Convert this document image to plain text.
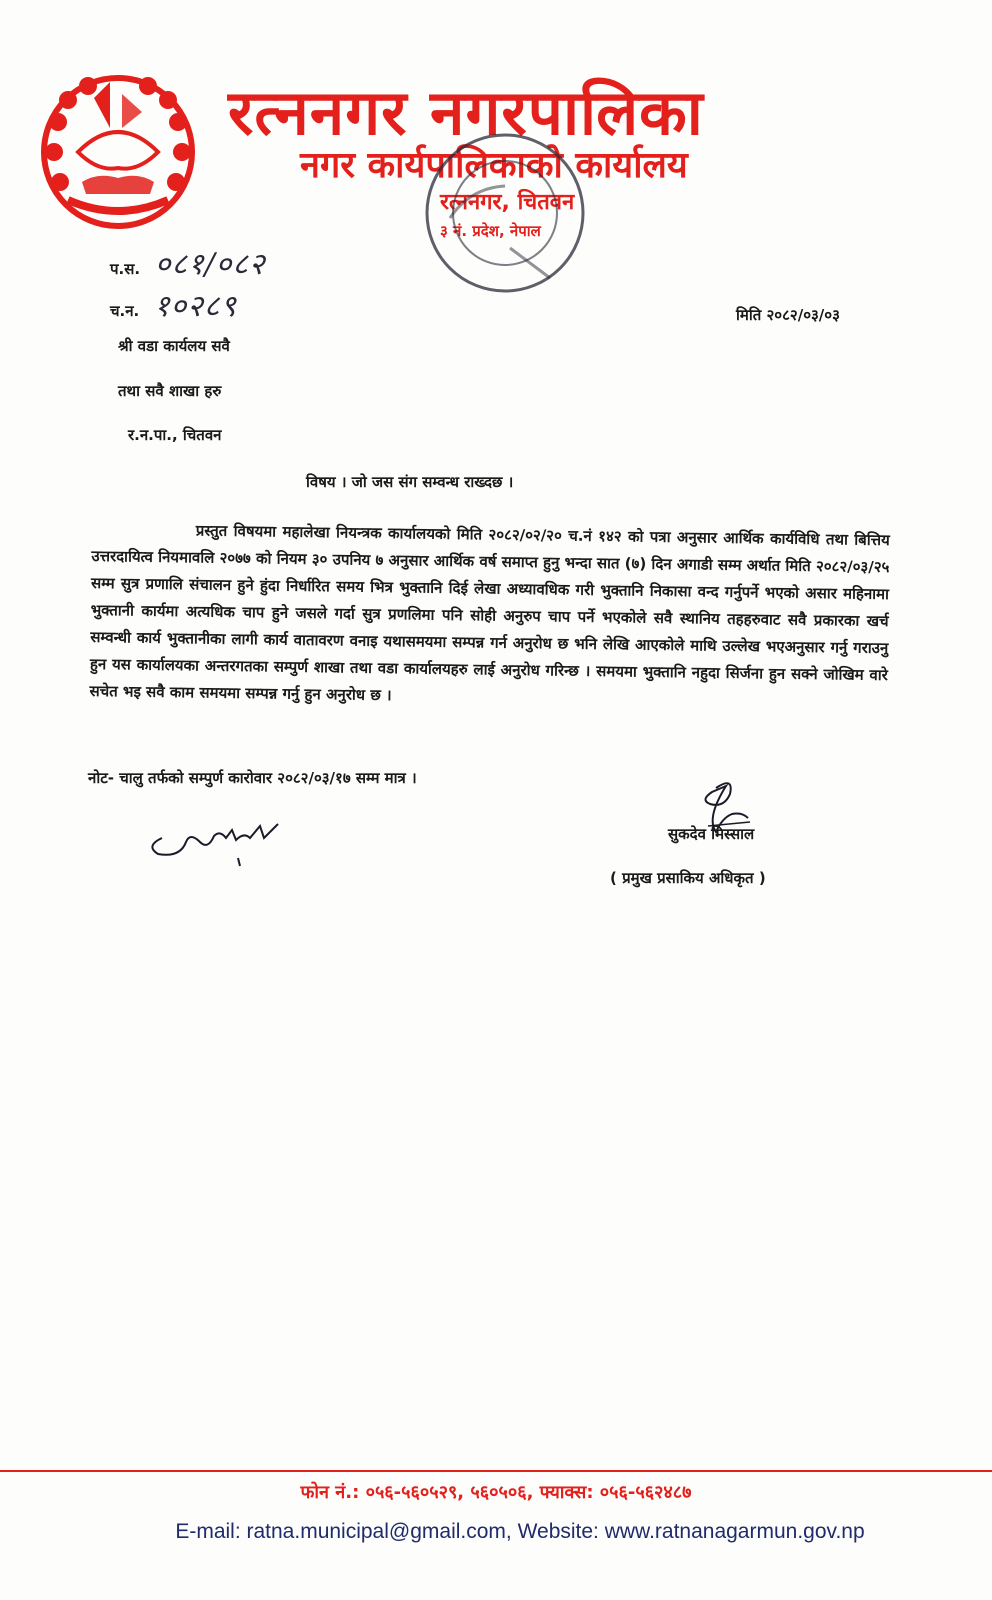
रत्ननगर नगरपालिका
नगर कार्यपालिकाको कार्यालय
रत्ननगर, चितवन
३ नं. प्रदेश, नेपाल
प.स. ०८१/०८२
च.न. १०२८९	मिति २०८२/०३/०३
श्री वडा कार्यलय सवै
तथा सवै शाखा हरु
र.न.पा., चितवन
विषय । जो जस संग सम्वन्ध राख्दछ ।
प्रस्तुत विषयमा महालेखा नियन्त्रक कार्यालयको मिति २०८२/०२/२० च.नं १४२ को पत्रा अनुसार आर्थिक कार्यविधि तथा बित्तिय उत्तरदायित्व नियमावलि २०७७ को नियम ३० उपनिय ७ अनुसार आर्थिक वर्ष समाप्त हुनु भन्दा सात (७) दिन अगाडी सम्म अर्थात मिति २०८२/०३/२५ सम्म सुत्र प्रणालि संचालन हुने हुंदा निर्धारित समय भित्र भुक्तानि दिई लेखा अध्यावधिक गरी भुक्तानि निकासा वन्द गर्नुपर्ने भएको असार महिनामा भुक्तानी कार्यमा अत्यधिक चाप हुने जसले गर्दा सुत्र प्रणलिमा पनि सोही अनुरुप चाप पर्ने भएकोले सवै स्थानिय तहहरुवाट सवै प्रकारका खर्च सम्वन्धी कार्य भुक्तानीका लागी कार्य वातावरण वनाइ यथासमयमा सम्पन्न गर्न अनुरोध छ भनि लेखि आएकोले माथि उल्लेख भएअनुसार गर्नु गराउनु हुन यस कार्यालयका अन्तरगतका सम्पुर्ण शाखा तथा वडा कार्यालयहरु लाई अनुरोध गरिन्छ । समयमा भुक्तानि नहुदा सिर्जना हुन सक्ने जोखिम वारे सचेत भइ सवै काम समयमा सम्पन्न गर्नु हुन अनुरोध छ ।
नोट- चालु तर्फको सम्पुर्ण कारोवार २०८२/०३/१७ सम्म मात्र ।
सुकदेव मिस्साल
( प्रमुख प्रसाकिय अधिकृत )
फोन नं.: ०५६-५६०५२९, ५६०५०६, फ्याक्स: ०५६-५६२४८७
E-mail: ratna.municipal@gmail.com, Website: www.ratnanagarmun.gov.np
